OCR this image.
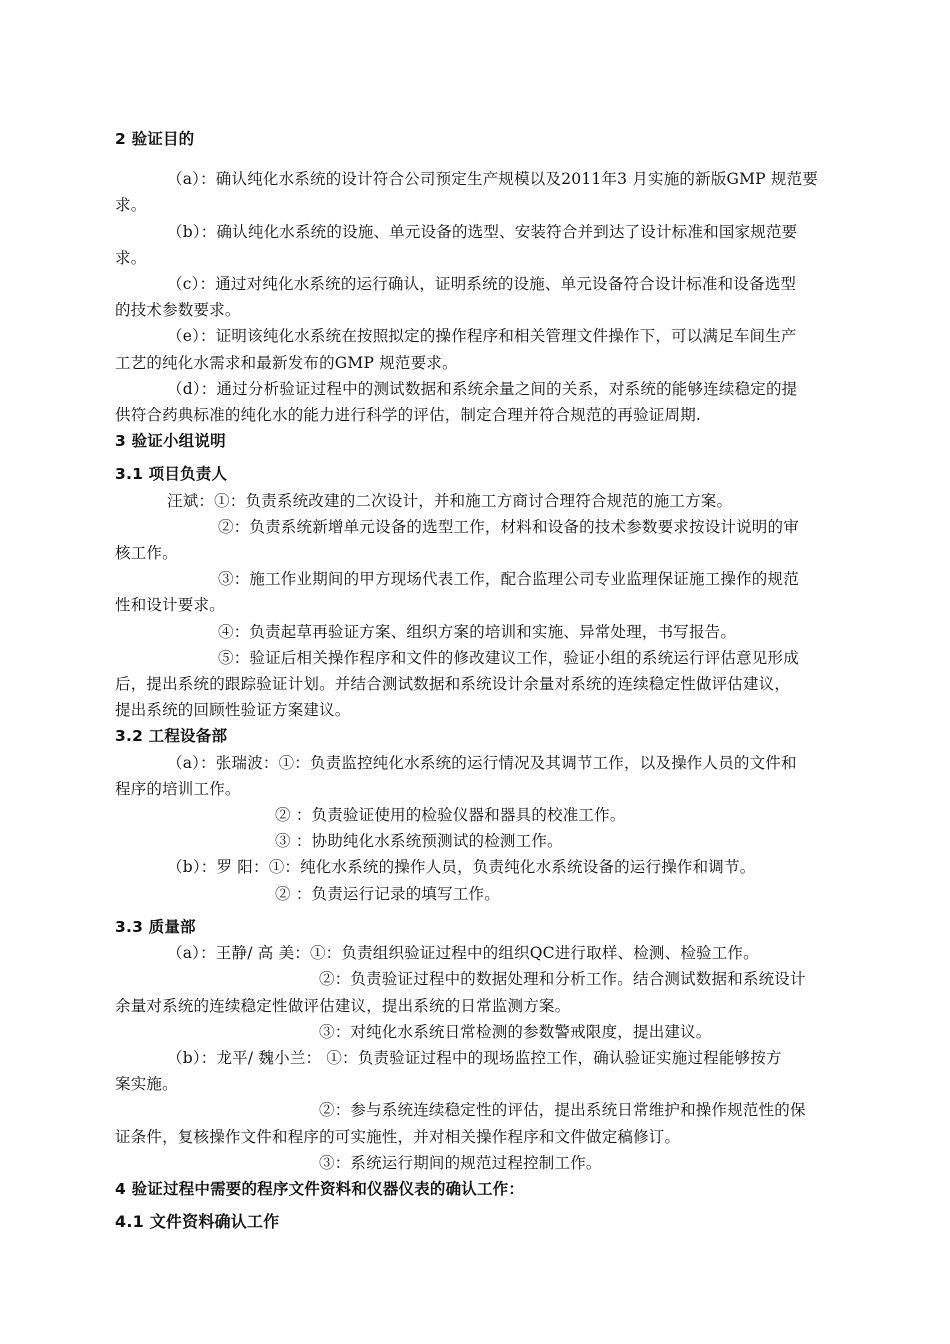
2 验证目的
（a）：确认纯化水系统的设计符合公司预定生产规模以及2011年3 月实施的新版GMP 规范要
求。
（b）：确认纯化水系统的设施、单元设备的选型、安装符合并到达了设计标准和国家规范要
求。
（c）：通过对纯化水系统的运行确认，证明系统的设施、单元设备符合设计标准和设备选型
的技术参数要求。
（e）：证明该纯化水系统在按照拟定的操作程序和相关管理文件操作下，可以满足车间生产
工艺的纯化水需求和最新发布的GMP 规范要求。
（d）：通过分析验证过程中的测试数据和系统余量之间的关系，对系统的能够连续稳定的提
供符合药典标准的纯化水的能力进行科学的评估，制定合理并符合规范的再验证周期.
3 验证小组说明
3.1 项目负责人
汪斌：①：负责系统改建的二次设计，并和施工方商讨合理符合规范的施工方案。
②：负责系统新增单元设备的选型工作，材料和设备的技术参数要求按设计说明的审
核工作。
③：施工作业期间的甲方现场代表工作，配合监理公司专业监理保证施工操作的规范
性和设计要求。
④：负责起草再验证方案、组织方案的培训和实施、异常处理，书写报告。
⑤：验证后相关操作程序和文件的修改建议工作，验证小组的系统运行评估意见形成
后，提出系统的跟踪验证计划。并结合测试数据和系统设计余量对系统的连续稳定性做评估建议，
提出系统的回顾性验证方案建议。
3.2 工程设备部
（a）：张瑞波：①：负责监控纯化水系统的运行情况及其调节工作，以及操作人员的文件和
程序的培训工作。
② ：负责验证使用的检验仪器和器具的校准工作。
③ ：协助纯化水系统预测试的检测工作。
（b）：罗 阳：①：纯化水系统的操作人员，负责纯化水系统设备的运行操作和调节。
② ：负责运行记录的填写工作。
3.3 质量部
（a）：王静/ 高 美：①：负责组织验证过程中的组织QC进行取样、检测、检验工作。
②：负责验证过程中的数据处理和分析工作。结合测试数据和系统设计
余量对系统的连续稳定性做评估建议，提出系统的日常监测方案。
③：对纯化水系统日常检测的参数警戒限度，提出建议。
（b）：龙平/ 魏小兰： ①：负责验证过程中的现场监控工作，确认验证实施过程能够按方
案实施。
②：参与系统连续稳定性的评估，提出系统日常维护和操作规范性的保
证条件，复核操作文件和程序的可实施性，并对相关操作程序和文件做定稿修订。
③：系统运行期间的规范过程控制工作。
4 验证过程中需要的程序文件资料和仪器仪表的确认工作：
4.1 文件资料确认工作
